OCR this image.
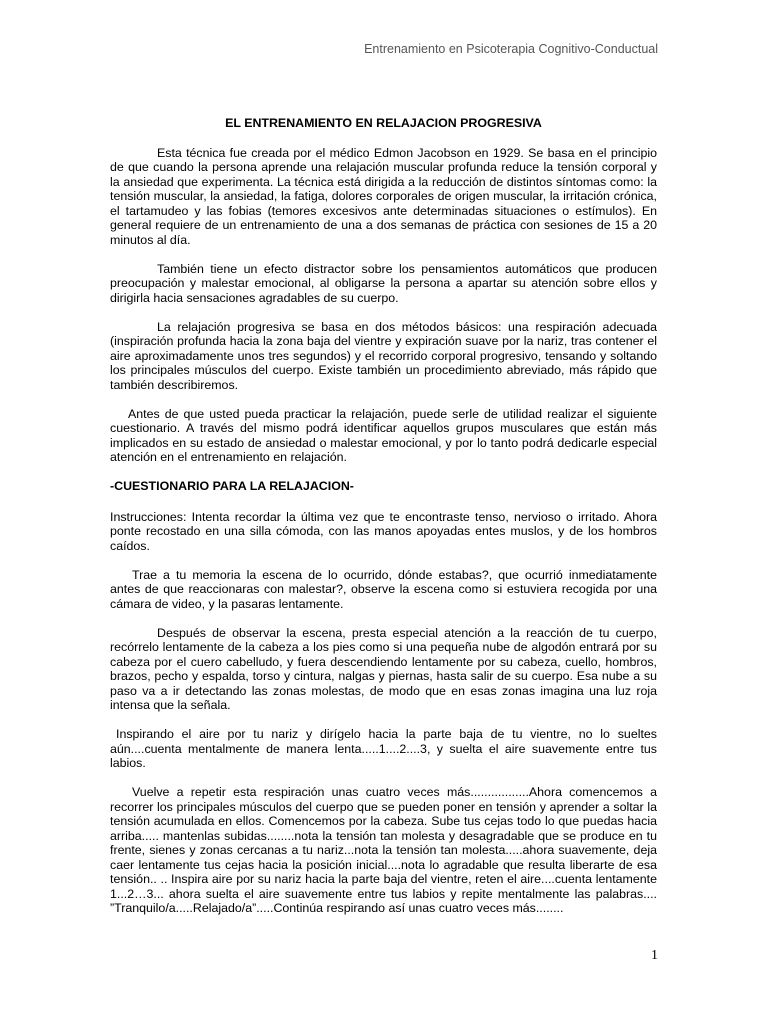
Entrenamiento en Psicoterapia Cognitivo-Conductual
EL ENTRENAMIENTO EN RELAJACION PROGRESIVA

Esta técnica fue creada por el médico Edmon Jacobson en 1929. Se basa en el principio de que cuando la persona aprende una relajación muscular profunda reduce la tensión corporal y la ansiedad que experimenta. La técnica está dirigida a la reducción de distintos síntomas como: la tensión muscular, la ansiedad, la fatiga, dolores corporales de origen muscular, la irritación crónica, el tartamudeo y las fobias (temores excesivos ante determinadas situaciones o estímulos). En general requiere de un entrenamiento de una a dos semanas de práctica con sesiones de 15 a 20 minutos al día.

También tiene un efecto distractor sobre los pensamientos automáticos que producen preocupación y malestar emocional, al obligarse la persona a apartar su atención sobre ellos y dirigirla hacia sensaciones agradables de su cuerpo.

La relajación progresiva se basa en dos métodos básicos: una respiración adecuada (inspiración profunda hacia la zona baja del vientre y expiración suave por la nariz, tras contener el aire aproximadamente unos tres segundos) y el recorrido corporal progresivo, tensando y soltando los principales músculos del cuerpo. Existe también un procedimiento abreviado, más rápido que también describiremos.

Antes de que usted pueda practicar la relajación, puede serle de utilidad realizar el siguiente cuestionario. A través del mismo podrá identificar aquellos grupos musculares que están más implicados en su estado de ansiedad o malestar emocional, y por lo tanto podrá dedicarle especial atención en el entrenamiento en relajación.

-CUESTIONARIO PARA LA RELAJACION-

Instrucciones: Intenta recordar la última vez que te encontraste tenso, nervioso o irritado. Ahora ponte recostado en una silla cómoda, con las manos apoyadas entes muslos, y de los hombros caídos.

Trae a tu memoria la escena de lo ocurrido, dónde estabas?, que ocurrió inmediatamente antes de que reaccionaras con malestar?, observe la escena como si estuviera recogida por una cámara de video, y la pasaras lentamente.

Después de observar la escena, presta especial atención a la reacción de tu cuerpo, recórrelo lentamente de la cabeza a los pies como si una pequeña nube de algodón entrará por su cabeza por el cuero cabelludo, y fuera descendiendo lentamente por su cabeza, cuello, hombros, brazos, pecho y espalda, torso y cintura, nalgas y piernas, hasta salir de su cuerpo. Esa nube a su paso va a ir detectando las zonas molestas, de modo que en esas zonas imagina una luz roja intensa que la señala.

Inspirando el aire por tu nariz y dirígelo hacia la parte baja de tu vientre, no lo sueltes aún....cuenta mentalmente de manera lenta.....1....2....3, y suelta el aire suavemente entre tus labios.

Vuelve a repetir esta respiración unas cuatro veces más.................Ahora comencemos a recorrer los principales músculos del cuerpo que se pueden poner en tensión y aprender a soltar la tensión acumulada en ellos. Comencemos por la cabeza. Sube tus cejas todo lo que puedas hacia arriba..... mantenlas subidas........nota la tensión tan molesta y desagradable que se produce en tu frente, sienes y zonas cercanas a tu nariz...nota la tensión tan molesta.....ahora suavemente, deja caer lentamente tus cejas hacia la posición inicial....nota lo agradable que resulta liberarte de esa tensión.. .. Inspira aire por su nariz hacia la parte baja del vientre, reten el aire....cuenta lentamente 1...2…3... ahora suelta el aire suavemente entre tus labios y repite mentalmente las palabras.... ”Tranquilo/a.....Relajado/a”.....Continúa respirando así unas cuatro veces más........

1
